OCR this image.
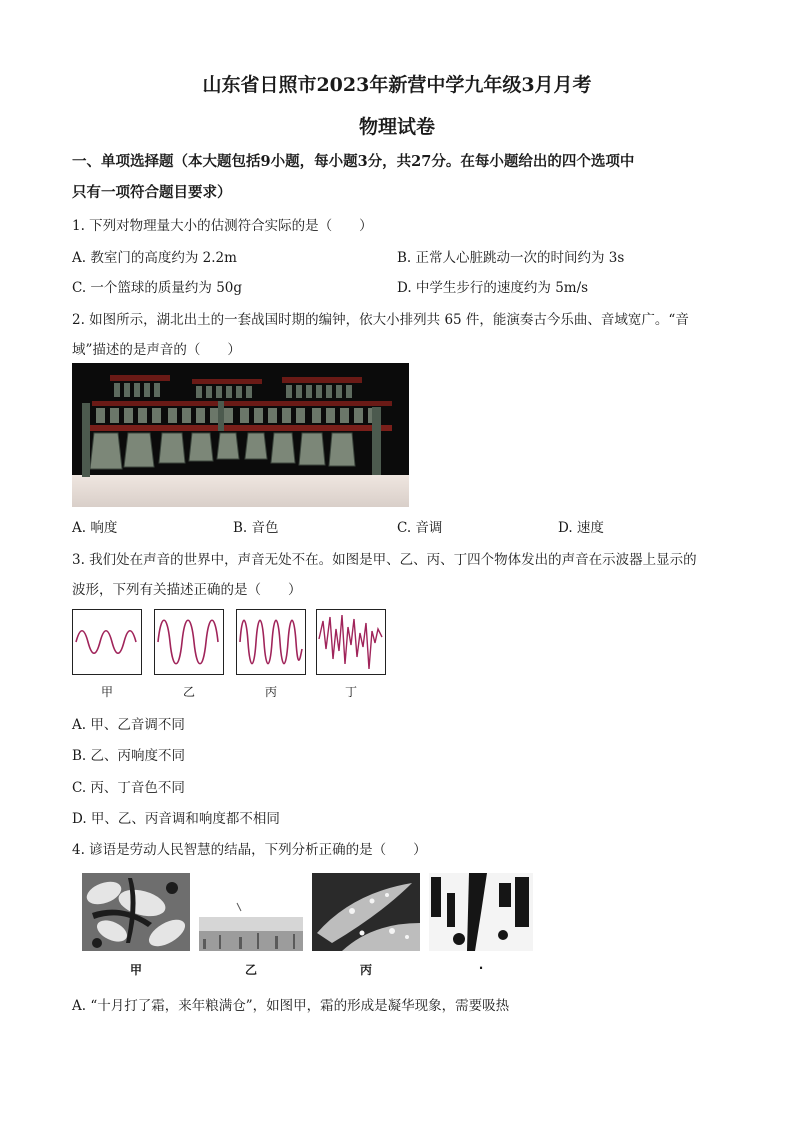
山东省日照市2023年新营中学九年级3月月考
物理试卷
一、单项选择题（本大题包括9小题，每小题3分，共27分。在每小题给出的四个选项中
只有一项符合题目要求）
1. 下列对物理量大小的估测符合实际的是（　　）
A. 教室门的高度约为 2.2m	B. 正常人心脏跳动一次的时间约为 3s
C. 一个篮球的质量约为 50g	D. 中学生步行的速度约为 5m/s
2. 如图所示，湖北出土的一套战国时期的编钟，依大小排列共 65 件，能演奏古今乐曲、音域宽广。“音
域”描述的是声音的（　　）
A. 响度	B. 音色	C. 音调	D. 速度
3. 我们处在声音的世界中，声音无处不在。如图是甲、乙、丙、丁四个物体发出的声音在示波器上显示的
波形，下列有关描述正确的是（　　）
甲	乙	丙	丁
A. 甲、乙音调不同
B. 乙、丙响度不同
C. 丙、丁音色不同
D. 甲、乙、丙音调和响度都不相同
4. 谚语是劳动人民智慧的结晶，下列分析正确的是（　　）
甲	乙	丙	·
A. “十月打了霜，来年粮满仓”，如图甲，霜的形成是凝华现象，需要吸热
